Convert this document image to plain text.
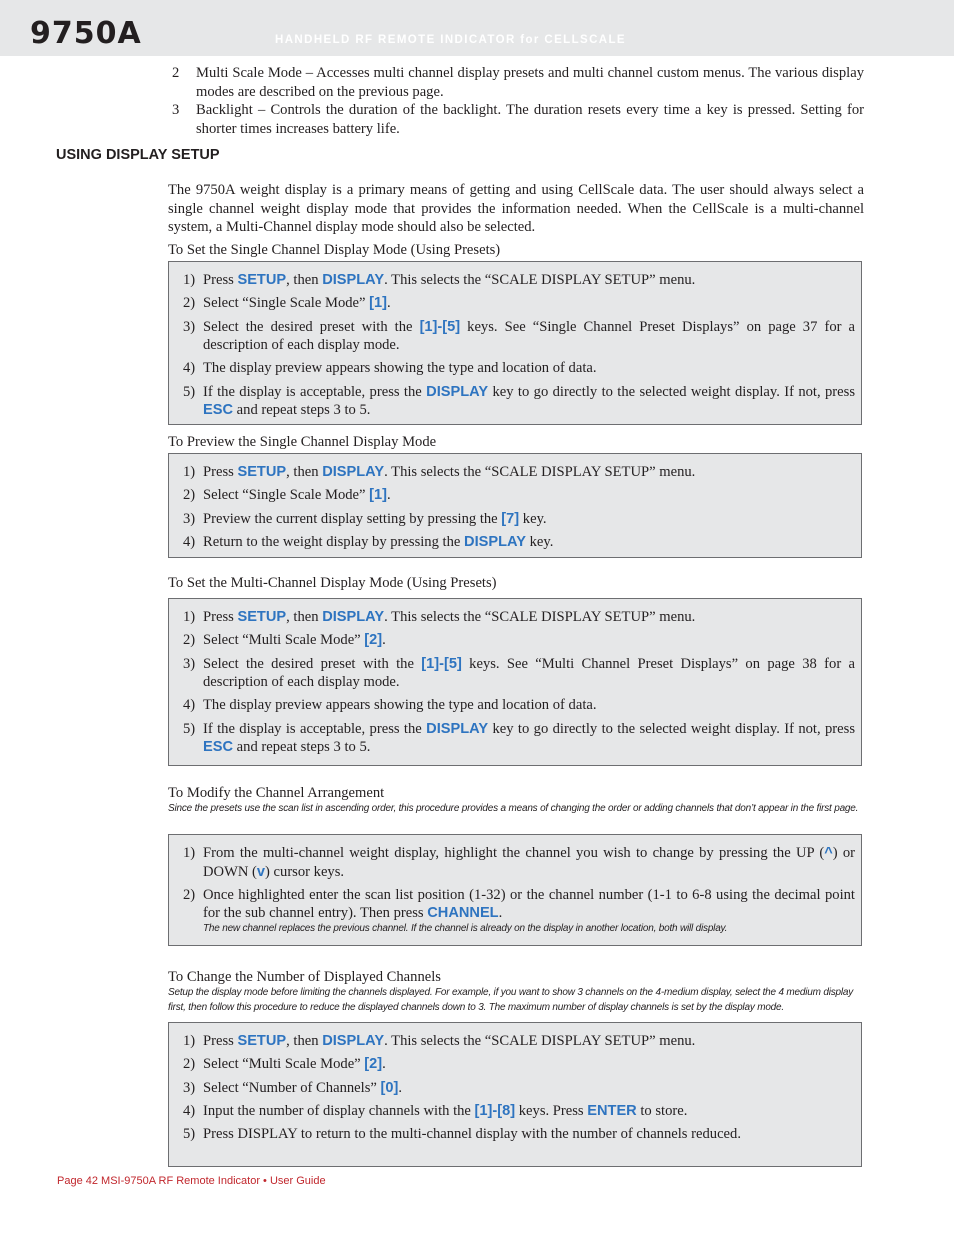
9750A	HANDHELD RF REMOTE INDICATOR for CELLSCALE
2	Multi Scale Mode – Accesses multi channel display presets and multi channel custom menus. The various display modes are described on the previous page.
3	Backlight – Controls the duration of the backlight. The duration resets every time a key is pressed. Setting for shorter times increases battery life.
USING DISPLAY SETUP
The 9750A weight display is a primary means of getting and using CellScale data. The user should always select a single channel weight display mode that provides the information needed. When the CellScale is a multi-channel system, a Multi-Channel display mode should also be selected.
To Set the Single Channel Display Mode (Using Presets)
1) Press SETUP, then DISPLAY. This selects the “SCALE DISPLAY SETUP” menu.
2) Select “Single Scale Mode” [1].
3) Select the desired preset with the [1]-[5] keys. See “Single Channel Preset Displays” on page 37 for a description of each display mode.
4) The display preview appears showing the type and location of data.
5) If the display is acceptable, press the DISPLAY key to go directly to the selected weight display. If not, press ESC and repeat steps 3 to 5.
To Preview the Single Channel Display Mode
1) Press SETUP, then DISPLAY. This selects the “SCALE DISPLAY SETUP” menu.
2) Select “Single Scale Mode” [1].
3) Preview the current display setting by pressing the [7] key.
4) Return to the weight display by pressing the DISPLAY key.
To Set the Multi-Channel Display Mode (Using Presets)
1) Press SETUP, then DISPLAY. This selects the “SCALE DISPLAY SETUP” menu.
2) Select “Multi Scale Mode” [2].
3) Select the desired preset with the [1]-[5] keys. See “Multi Channel Preset Displays” on page 38 for a description of each display mode.
4) The display preview appears showing the type and location of data.
5) If the display is acceptable, press the DISPLAY key to go directly to the selected weight display. If not, press ESC and repeat steps 3 to 5.
To Modify the Channel Arrangement
Since the presets use the scan list in ascending order, this procedure provides a means of changing the order or adding channels that don’t appear in the first page.
1) From the multi-channel weight display, highlight the channel you wish to change by pressing the UP (^) or DOWN (v) cursor keys.
2) Once highlighted enter the scan list position (1-32) or the channel number (1-1 to 6-8 using the decimal point for the sub channel entry). Then press CHANNEL.
The new channel replaces the previous channel. If the channel is already on the display in another location, both will display.
To Change the Number of Displayed Channels
Setup the display mode before limiting the channels displayed. For example, if you want to show 3 channels on the 4-medium display, select the 4 medium display first, then follow this procedure to reduce the displayed channels down to 3. The maximum number of display channels is set by the display mode.
1) Press SETUP, then DISPLAY. This selects the “SCALE DISPLAY SETUP” menu.
2) Select “Multi Scale Mode” [2].
3) Select “Number of Channels” [0].
4) Input the number of display channels with the [1]-[8] keys. Press ENTER to store.
5) Press DISPLAY to return to the multi-channel display with the number of channels reduced.
Page 42 MSI-9750A RF Remote Indicator • User Guide
